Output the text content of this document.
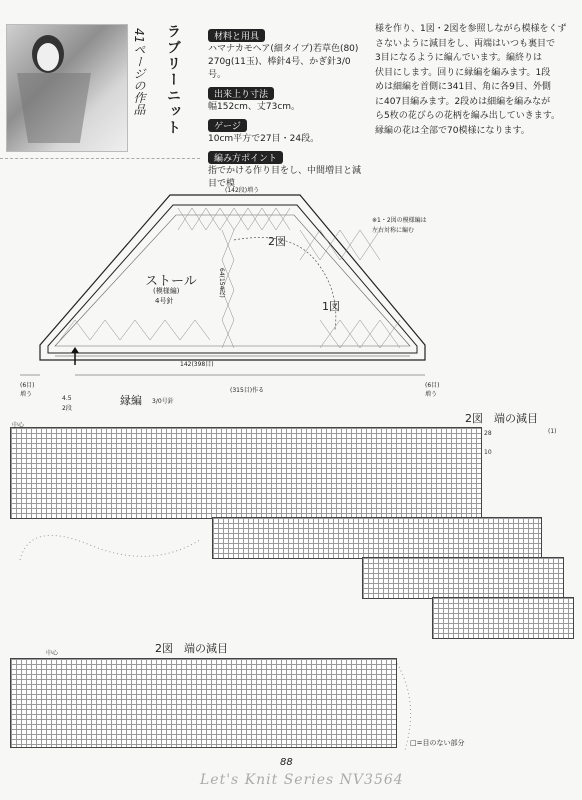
41ページの作品 ラブリーニット	材料と用具
ハマナカモヘア(細タイプ)若草色(80)
270g(11玉)、棒針4号、かぎ針3/0号。
出来上り寸法
幅152cm、丈73cm。
ゲージ
10cm平方で27目・24段。
編み方ポイント
指でかける作り目をし、中間増目と減目で模
様を作り、1図・2図を参照しながら模様をくず
さないように減目をし、両端はいつも裏目で
3目になるように編んでいます。編終りは
伏目にします。回りに縁編を編みます。1段
めは細編を首側に341目、角に各9目、外側
に407目編みます。2段めは細編を編みなが
ら5枚の花びらの花柄を編み出していきます。
縁編の花は全部で70模様になります。
(142段)増う
※1・2図の模様編は
左右対称に編む
2図
1図
ストール
(模様編)
4号針
64(154段)
142(398目)
(315目)作る
(6目)増う
(6目)増う
縁編 3/0号針
4.5
2段
2図　端の減目
28
10
中心
(1)
2図　端の減目
中心
□=目のない部分
88
Let's Knit Series NV3564
